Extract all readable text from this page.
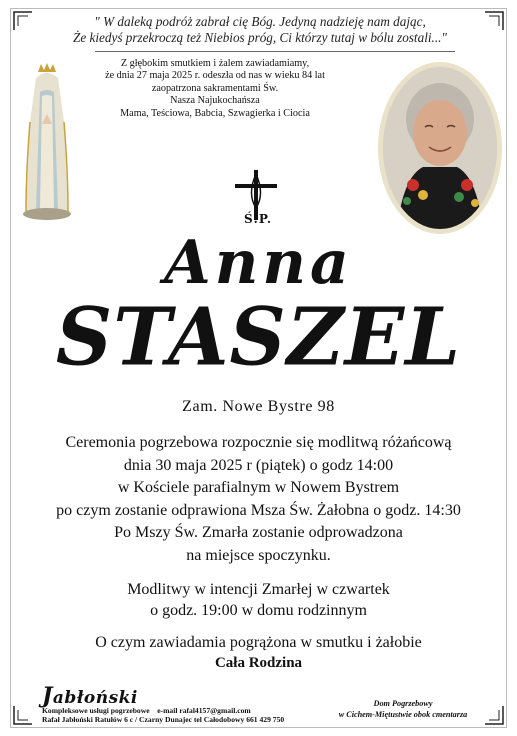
" W daleką podróż zabrał cię Bóg. Jedyną nadzieję nam dając,
Że kiedyś przekroczą też Niebios próg, Ci którzy tutaj w bólu zostali..."
Z głębokim smutkiem i żalem zawiadamiamy,
że dnia 27 maja 2025 r. odeszła od nas w wieku 84 lat
zaopatrzona sakramentami Św.
Nasza Najukochańsza
Mama, Teściowa, Babcia, Szwagierka i Ciocia
Ś.P.
Anna
STASZEL
Zam. Nowe Bystre 98
Ceremonia pogrzebowa rozpocznie się modlitwą różańcową
dnia 30 maja 2025 r (piątek) o godz 14:00
w Kościele parafialnym w Nowem Bystrem
po czym zostanie odprawiona Msza Św. Żałobna o godz. 14:30
Po Mszy Św. Zmarła zostanie odprowadzona
na miejsce spoczynku.
Modlitwy w intencji Zmarłej w czwartek
o godz. 19:00 w domu rodzinnym
O czym zawiadamia pogrążona w smutku i żałobie
Cała Rodzina
Jabłoński
Kompleksowe usługi pogrzebowe e-mail rafal4157@gmail.com
Rafał Jabłoński Ratułów 6 c / Czarny Dunajec tel Całodobowy 661 429 750
Dom Pogrzebowy
w Cichem-Miętustwie obok cmentarza
